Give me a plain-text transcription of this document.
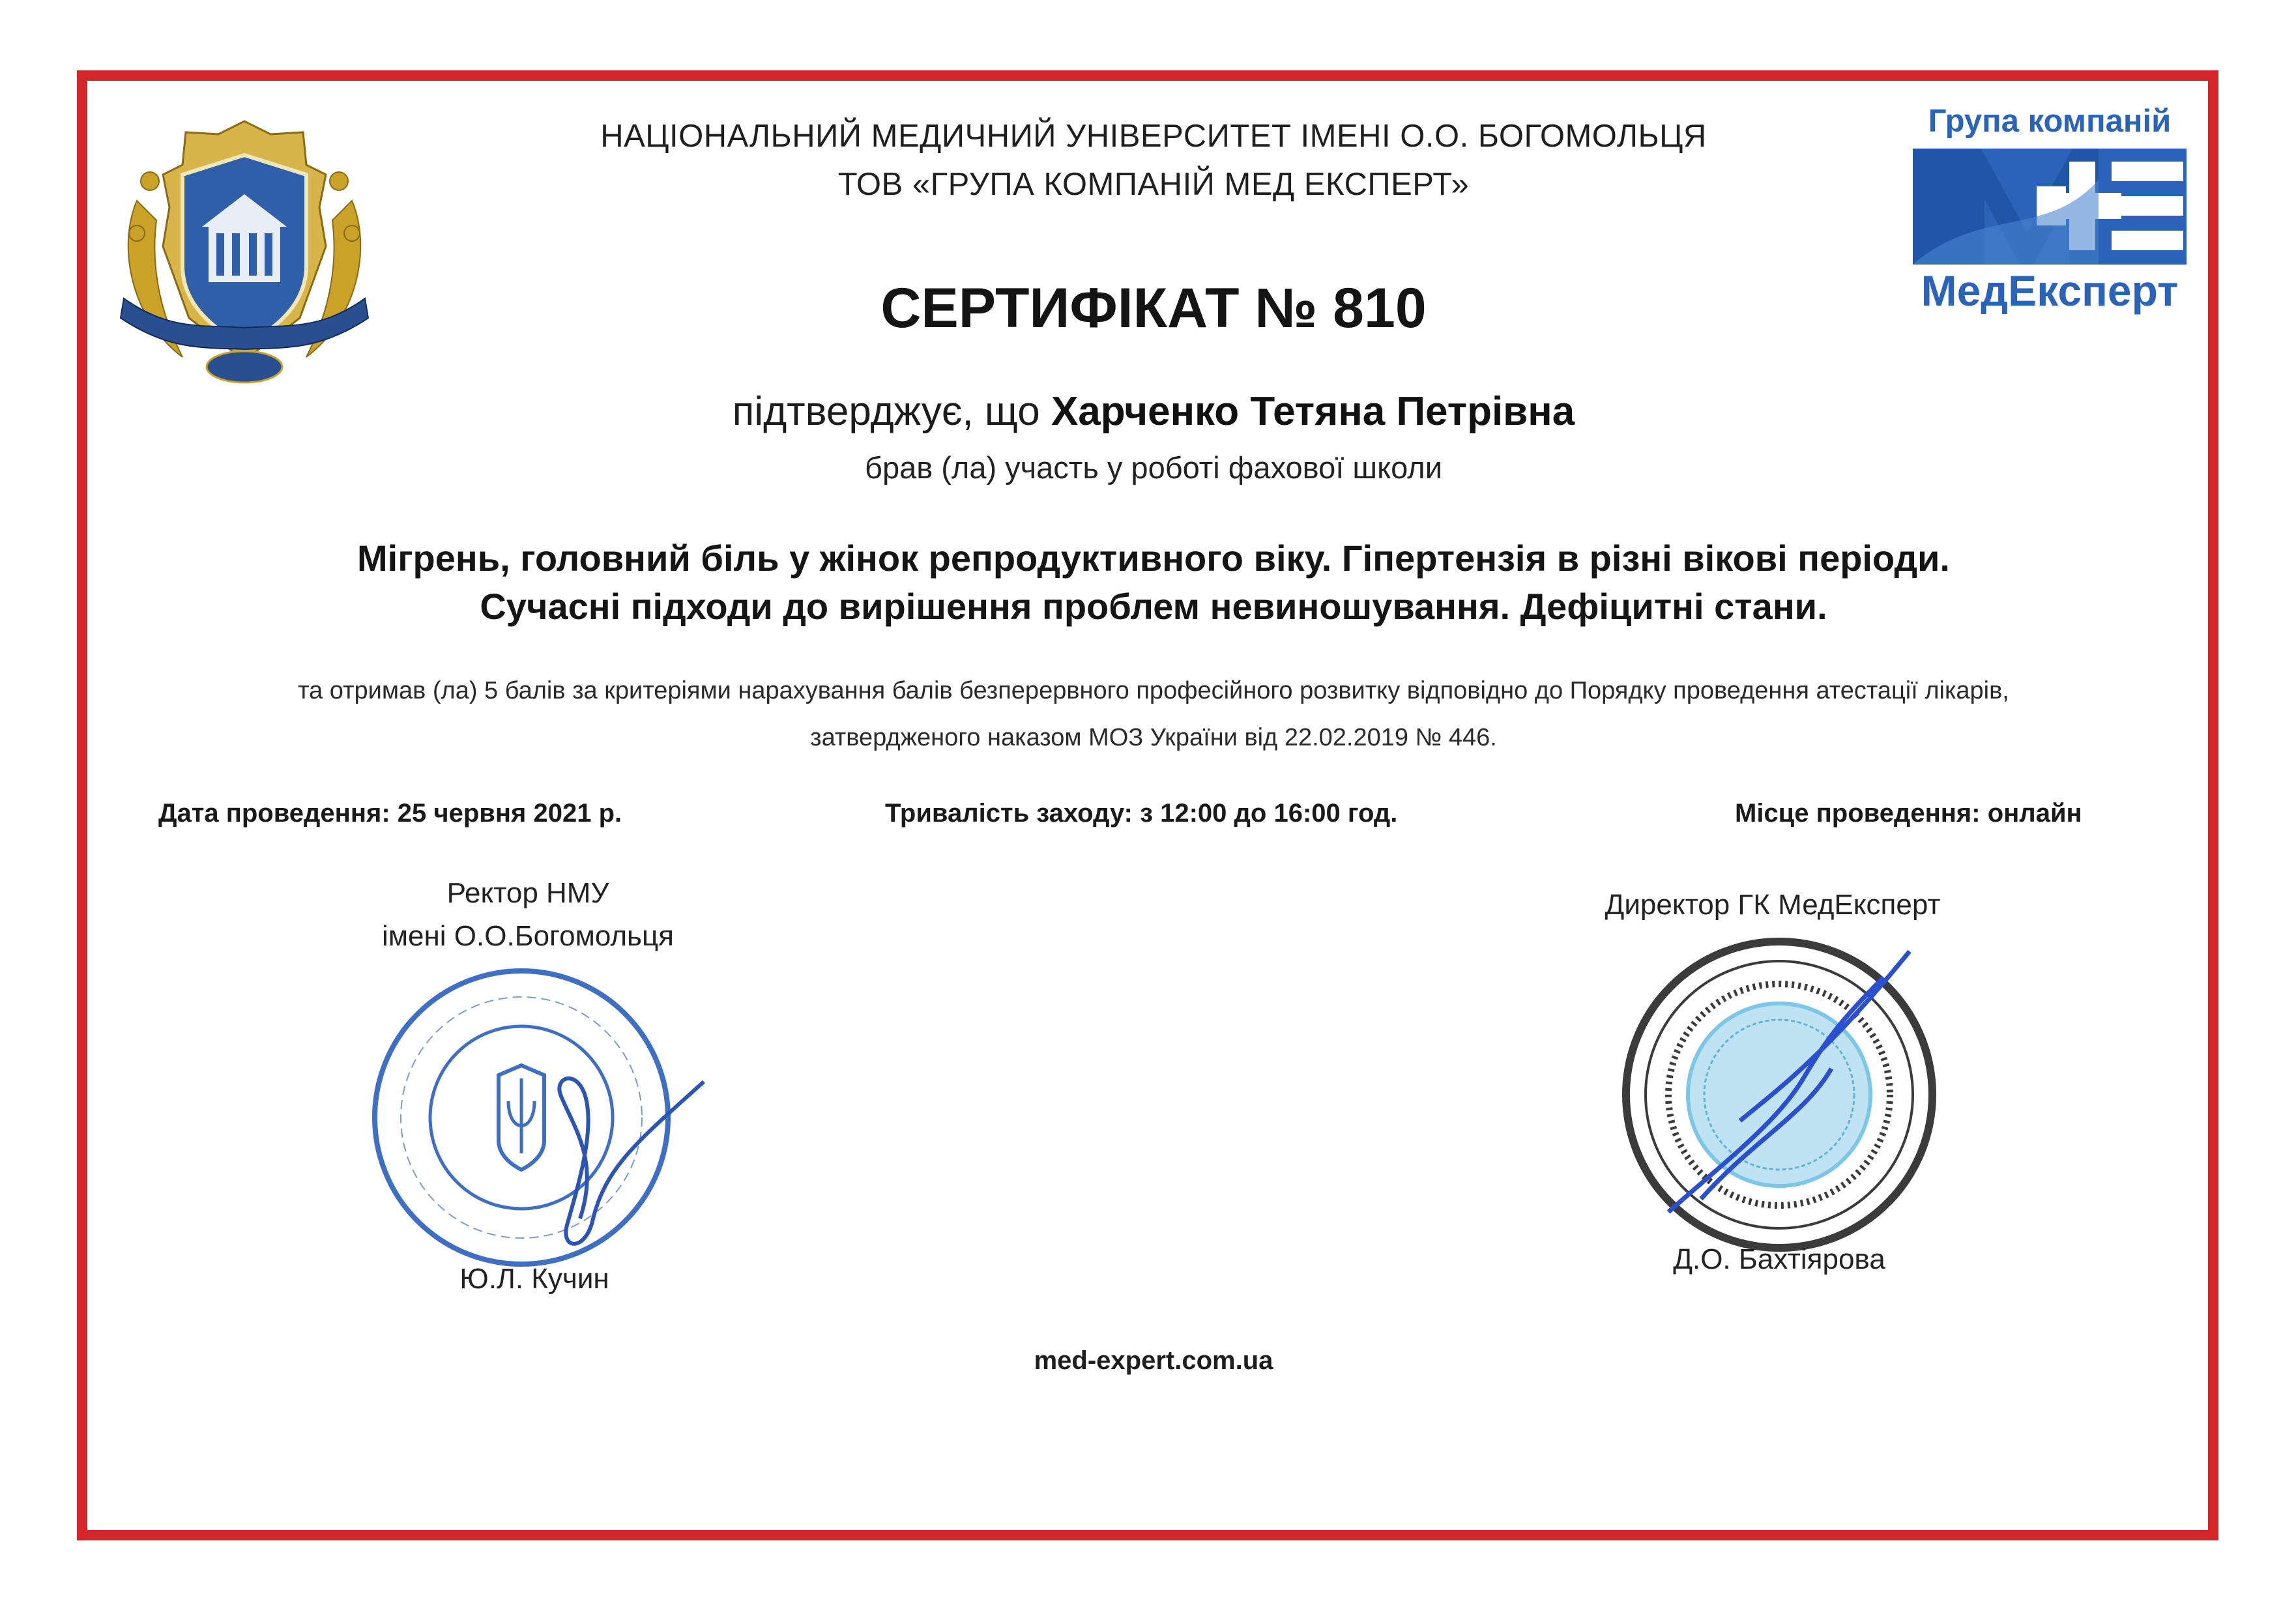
НАЦІОНАЛЬНИЙ МЕДИЧНИЙ УНІВЕРСИТЕТ ІМЕНІ О.О. БОГОМОЛЬЦЯ
ТОВ «ГРУПА КОМПАНІЙ МЕД ЕКСПЕРТ»
Група компаній
МедЕксперт
СЕРТИФІКАТ № 810
підтверджує, що Харченко Тетяна Петрівна
брав (ла) участь у роботі фахової школи
Мігрень, головний біль у жінок репродуктивного віку. Гіпертензія в різні вікові періоди.
Сучасні підходи до вирішення проблем невиношування. Дефіцитні стани.
та отримав (ла) 5 балів за критеріями нарахування балів безперервного професійного розвитку відповідно до Порядку проведення атестації лікарів,
затвердженого наказом МОЗ України від 22.02.2019 № 446.
Дата проведення: 25 червня 2021 р.	Тривалість заходу: з 12:00 до 16:00 год.	Місце проведення: онлайн
Ректор НМУ
імені О.О.Богомольця
Ю.Л. Кучин
Директор ГК МедЕксперт
Д.О. Бахтіярова
med-expert.com.ua
